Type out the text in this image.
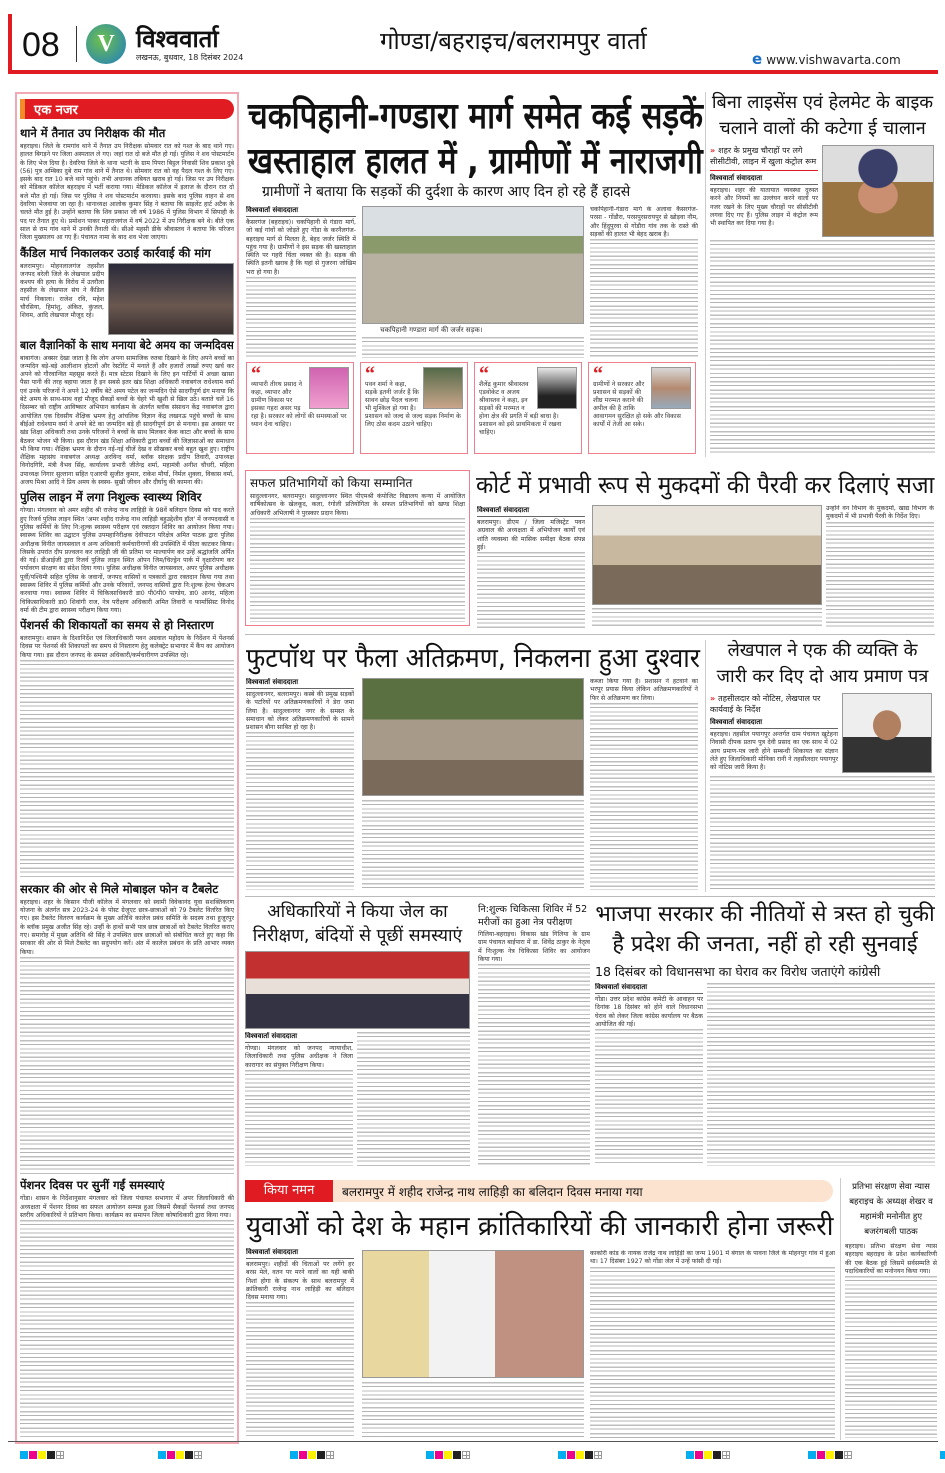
08	V विश्ववार्ता
लखनऊ, बुधवार, 18 दिसंबर 2024
गोण्डा/बहराइच/बलरामपुर वार्ता
e www.vishwavarta.com
एक नजर
थाने में तैनात उप निरीक्षक की मौत
बहराइच। जिले के रामगांव थाने में तैनात उप निरीक्षक सोमवार रात को गश्त के बाद थाने गए। हालत बिगड़ने पर जिला अस्पताल ले गए। जहां रात दो बजे मौत हो गई। पुलिस ने शव पोस्टमार्टम के लिए भेज दिया है। देवरिया जिले के थाना भटनी के ग्राम पिपरा बिट्ठल निवासी शिव प्रकाश दुबे (56) पुत्र अम्बिका दुबे राम गांव थाने में तैनात थे। सोमवार रात को वह पैदल गश्त के लिए गए। इसके बाद रात 10 बजे थाने पहुंचे। तभी अचानक तबियत खराब हो गई। जिस पर उप निरीक्षक को मेडिकल कॉलेज बहराइच में भर्ती कराया गया। मेडिकल कॉलेज में इलाज के दौरान रात दो बजे मौत हो गई। जिस पर पुलिस ने शव पोस्टमार्टम करवाया। इसके बाद पुलिस वाहन से शव देवरिया भेजवाया जा रहा है। थानाध्यक्ष आलोक कुमार सिंह ने बताया कि साइलेंट हार्ट अटैक के चलते मौत हुई है। उन्होंने बताया कि शिव प्रकाश जी वर्ष 1986 में पुलिस विभाग में सिपाही के पद पर तैनात हुए थे। प्रमोशन पाकर महाराजगंज में वर्ष 2022 में उप निरीक्षक बने थे। बीते एक साल से राम गांव थाने में उनकी तैनाती थी। सीओ महसी डीके श्रीवास्तव ने बताया कि परिजन जिला मुख्यालय आ गए हैं। पंचायत नामा के बाद शव भेजा जाएगा।
कैंडिल मार्च निकालकर उठाई कार्रवाई की मांग
बलरामपुर। मोहनलालगंज तहसील जनपद बरेली जिले के लेखपाल प्रदीप कश्यप की हत्या के विरोध में उतरौला तहसील के लेखपाल संघ ने कैंडिल मार्च निकाला। राजेश रवि, महेश चौरसिया, हिमांशु, अंकित, कुंजल, शिवम, आदि लेखपाल मौजूद रहे।
बाल वैज्ञानिकों के साथ मनाया बेटे अमय का जन्मदिवस
बाबागंज। अक्सर देखा जाता है कि लोग अपना सामाजिक रुतबा दिखाने के लिए अपने बच्चों का जन्मदिन बड़े-बड़े आलीशान होटलों और रेस्टोरेंट में मनाते हैं और हजारों लाखों रुपए खर्च कर अपने को गौरवान्वित महसूस करते हैं। मात्र स्टेटस दिखाने के लिए इन पार्टियों में अच्छा खासा पैसा पानी की तरह बहाया जाता है इन सबसे इतर खंड शिक्षा अधिकारी नवाबगंज राधेश्याम वर्मा एवं उनके परिजनों ने अपने 12 वर्षीय बेटे अमय पटेल का जन्मदिन ऐसे सादगीपूर्ण ढंग मनाया कि बेटे अमय के साथ-साथ वहां मौजूद सैकड़ों बच्चों के चेहरे भी खुशी से खिल उठे। बताते चलें 16 दिसम्बर को राष्ट्रीय आविष्कार अभियान कार्यक्रम के अंतर्गत ब्लॉक संसाधन केंद्र नवाबगंज द्वारा आयोजित एक दिवसीय शैक्षिक भ्रमण हेतु आंचलिक विज्ञान केंद्र लखनऊ पहुंचे बच्चों के साथ बीईओ राधेश्याम वर्मा ने अपने बेटे का जन्मदिन बड़े ही सादगीपूर्ण ढंग से मनाया। इस अवसर पर खंड शिक्षा अधिकारी तथा उनके परिजनों ने बच्चों के साथ मिलकर केक काटा और बच्चों के साथ बैठकर भोजन भी किया। इस दौरान खंड शिक्षा अधिकारी द्वारा बच्चों की जिज्ञासाओं का समाधान भी किया गया। शैक्षिक भ्रमण के दौरान नई-नई चीजें देख व सीखकर बच्चे बहुत खुश हुए। राष्ट्रीय शैक्षिक महासंघ नवाबगंज अध्यक्ष अरविन्द वर्मा, ब्लॉक संरक्षक प्रदीप तिवारी, उपाध्यक्ष विनोदगिरि, मंत्री वैभव सिंह, कार्यालय प्रभारी जीतेन्द्र शर्मा, महामंत्री अनीश चौधरी, महिला उपाध्यक्ष निगार सुल्ताना सहित एआरपी सुजीत कुमार, राकेश मौर्या, निर्मल शुक्ला, विकास वर्मा, अजय मिश्रा आदि ने प्रिय अमय के स्वस्थ- सुखी जीवन और दीर्घायु की कामना की।
पुलिस लाइन में लगा निशुल्क स्वास्थ्य शिविर
गोण्डा। मंगलवार को अमर शहीद श्री राजेन्द्र नाथ लाहिड़ी के 98वें बलिदान दिवस को याद करते हुए रिजर्व पुलिस लाइन स्थित 'अमर शहीद राजेन्द्र नाथ लाहिड़ी बहुउद्देशीय हॉल' में जनपदवासी व पुलिस कर्मियों के लिए नि:शुल्क स्वास्थ्य परीक्षण एवं रक्तदान शिविर का आयोजन किया गया। स्वास्थ्य शिविर का उद्घाटन पुलिस उपमहानिरीक्षक देवीपाटन परिक्षेत्र अमित पाठक द्वारा पुलिस अधीक्षक विनीत जायसवाल व अन्य अधिकारी कर्मचारीगणों की उपस्थिति में फीता काटकर किया। जिसके उपरांत दीप प्रज्वलन कर लाहिड़ी जी की प्रतिमा पर माल्यार्पण कर उन्हें श्रद्धांजलि अर्पित की गई। डीआईजी द्वारा रिजर्व पुलिस लाइन स्थित ओपन जिम/चिल्ड्रेन पार्क में वृक्षारोपण कर पर्यावरण संरक्षण का संदेश दिया गया। पुलिस अधीक्षक विनीत जायसवाल, अपर पुलिस अधीक्षक पूर्वी/पश्चिमी सहित पुलिस के जवानों, जनपद वासियों व पत्रकारों द्वारा रक्तदान किया गया तथा स्वास्थ्य शिविर में पुलिस कर्मियों और उनके परिवारों, जनपद वासियों द्वारा नि:शुल्क हेल्थ चेकअप करवाया गया। स्वास्थ्य शिविर में चिकित्साधिकारी डा0 पी0पी0 पाण्डेय, डा0 आनंद, महिला चिकित्साधिकारी डा0 शिवांगी राज, नेत्र परीक्षण अधिकारी अमित तिवारी व फार्मासिस्ट विनोद वर्मा की टीम द्वारा स्वास्थ्य परीक्षण किया गया।
पेंशनर्स की शिकायतों का समय से हो निस्तारण
बलरामपुर। शासन के दिशानिर्देश एवं जिलाधिकारी पवन अग्रवाल महोदय के निर्देशन में पेंशनर्स दिवस पर पेंशनर्स की शिकायतों का समय से निस्तारण हेतु कलेक्ट्रेट सभागार में कैंप का आयोजन किया गया। इस दौरान जनपद के समस्त अधिकारी/कर्मचारीगण उपस्थित रहे।
सरकार की ओर से मिले मोबाइल फोन व टैबलेट
बहराइच। शहर के किसान पीजी कॉलेज में मंगलवार को स्वामी विवेकानंद युवा सशक्तिकरण योजना के अंतर्गत सत्र 2023-24 के पोस्ट ग्रेजुएट छात्र-छात्राओं को 79 टैबलेट वितरित किए गए। इस टैबलेट वितरण कार्यक्रम के मुख्य अतिथि कालेज प्रबंध समिति के सदस्य तथा हुजूरपुर के ब्लॉक प्रमुख अजीत सिंह रहे। उन्हीं के हाथों सभी पात्र छात्र छात्राओं को टैबलेट वितरित कराए गए। समारोह में मुख्य अतिथि श्री सिंह ने उपस्थित छात्र छात्राओं को संबोधित करते हुए कहा कि सरकार की ओर से मिले टैबलेट का सदुपयोग करें। अंत में कालेज प्रबंधन के प्रति आभार व्यक्त किया।
पेंशनर दिवस पर सुनीं गईं समस्याएं
गोंडा। शासन के निर्देशानुसार मंगलवार को जिला पंचायत सभागार में अपर जिलाधिकारी की अध्यक्षता में पेंशनर दिवस का सफल आयोजन सम्पन्न हुआ जिसमें सैकड़ों पेंशनर्स तथा जनपद स्तरीय अधिकारियों ने प्रतिभाग किया। कार्यक्रम का समापन जिला कोषाधिकारी द्वारा किया गया।
चकपिहानी-गण्डारा मार्ग समेत कई सड़कें
खस्ताहाल हालत में , ग्रामीणों में नाराजगी
ग्रामीणों ने बताया कि सड़कों की दुर्दशा के कारण आए दिन हो रहे हैं हादसे
विश्ववार्ता संवाददाता
कैसरगंज (बहराइच)। चकपिहानी से गंडारा मार्ग, जो कई गांवों को जोड़ते हुए गोंडा के करनैलगंज-बहराइच मार्ग से मिलता है, बेहद जर्जर स्थिति में पहुंच गया है। ग्रामीणों ने इस सड़क की खस्ताहाल स्थिति पर गहरी चिंता व्यक्त की है। सड़क की स्थिति इतनी खराब है कि यहां से गुजरना जोखिम भरा हो गया है।
चकपिहानी गण्डारा मार्ग की जर्जर सड़क।
चकपिहानी-गंडारा मार्ग के अलावा कैसरगंज-परसा - गोंडौरा, परसपुरसरायपुर से खोड़वा नौम, और हिंदुपुरवा से गोंडौरा गांव तक के रास्ते की सड़कों की हालत भी बेहद खराब है।
“
व्यापारी तीरथ प्रसाद ने कहा, व्यापार और ग्रामीण विकास पर इसका गहरा असर पड़ रहा है। सरकार को लोगों की समस्याओं पर ध्यान देना चाहिए।
“
पवन शर्मा ने कहा, सड़कें इतनी जर्जर हैं कि सावन छोड़ पैदल चलना भी मुश्किल हो गया है। प्रशासन को जल्द से जल्द सड़क निर्माण के लिए ठोस कदम उठाने चाहिए।
“
शैलेंद्र कुमार श्रीवास्तव एडवोकेट व अजय श्रीवास्तव ने कहा, इन सड़कों की मरम्मत न होना क्षेत्र की प्रगति में बड़ी बाधा है। प्रशासन को इसे प्राथमिकता में रखना चाहिए।
“
ग्रामीणों ने सरकार और प्रशासन से सड़कों की शीघ्र मरम्मत कराने की अपील की है ताकि आवागमन सुरक्षित हो सके और विकास कार्यों में तेजी आ सके।
बिना लाइसेंस एवं हेलमेट के बाइक चलाने वालों की कटेगा ई चालान
» शहर के प्रमुख चौराहों पर लगे सीसीटीवी, लाइन में खुला कंट्रोल रूम
विश्ववार्ता संवाददाता
बहराइच। शहर की यातायात व्यवस्था दुरुस्त करने और नियमों का उल्लंघन करने वालों पर नजर रखने के लिए मुख्य चौराहों पर सीसीटीवी लगवा दिए गए हैं। पुलिस लाइन में कंट्रोल रूम भी स्थापित कर दिया गया है।
सफल प्रतिभागियों को किया सम्मानित
सादुल्लानगर, बलरामपुर। सादुल्लानगर स्थित पीएमश्री कंपोजिट विद्यालय कन्या में आयोजित वार्षिकोत्सव के खेलकूद, कला, रंगोली प्रतियोगिता के सफल प्रतिभागियों को खण्ड शिक्षा अधिकारी अभिलाषी ने पुरस्कार प्रदान किया।
कोर्ट में प्रभावी रूप से मुकदमों की पैरवी कर दिलाएं सजा
विश्ववार्ता संवाददाता
बलरामपुर। डीएम / जिला मजिस्ट्रेट पवन अग्रवाल की अध्यक्षता में अभियोजन कार्यों एवं शांति व्यवस्था की मासिक समीक्षा बैठक संपन्न हुई।
उन्होंने वन विभाग के मुकदमों, खाद्य विभाग के मुकदमों में भी प्रभावी पैरवी के निर्देश दिए।
फुटपॉथ पर फैला अतिक्रमण, निकलना हुआ दुश्वार
विश्ववार्ता संवाददाता
सादुल्लानगर, बलरामपुर। कस्बे की प्रमुख सड़कों के पटरियों पर अतिक्रमणकारियों ने डेरा जमा लिया है। सादुल्लानगर नगर के समस्त के समाधान को लेकर अतिक्रमणकारियों के सामने प्रशासन बौना साबित हो रहा है।
कब्जा किया गया है। प्रशासन ने हटवाने का भरपूर प्रयास किया लेकिन अतिक्रमणकारियों ने फिर से अतिक्रमण कर लिया।
लेखपाल ने एक की व्यक्ति के जारी कर दिए दो आय प्रमाण पत्र
» तहसीलदार को नोटिस, लेखपाल पर कार्यवाई के निर्देश
विश्ववार्ता संवाददाता
बहराइच। तहसील पयागपुर अन्तर्गत ग्राम पंचायत खुटेहना निवासी दीपक प्रताप पुत्र देवी प्रसाद का एक साथ में 02 आय प्रमाण-पत्र जारी होने सम्बन्धी शिकायत का संज्ञान लेते हुए जिलाधिकारी मोनिका रानी ने तहसीलदार पयागपुर को नोटिस जारी किया है।
अधिकारियों ने किया जेल का निरीक्षण, बंदियों से पूछीं समस्याएं
विश्ववार्ता संवाददाता
गोण्डा। मंगलवार को जनपद न्यायाधीश, जिलाधिकारी तथा पुलिस अधीक्षक ने जिला कारागार का संयुक्त निरीक्षण किया।
नि:शुल्क चिकित्सा शिविर में 52 मरीजों का हुआ नेत्र परीक्षण
गिलिया-बहराइच। विकास खंड गिलिया के ग्राम ग्राम पंचायत बाईपारा में डा. शिवेंद्र ठाकुर के नेतृत्व में निःशुल्क नेत्र चिकित्सा शिविर का आयोजन किया गया।
भाजपा सरकार की नीतियों से त्रस्त हो चुकी है प्रदेश की जनता, नहीं हो रही सुनवाई
18 दिसंबर को विधानसभा का घेराव कर विरोध जताएंगे कांग्रेसी
विश्ववार्ता संवाददाता
गोंडा। उत्तर प्रदेश कांग्रेस कमेटी के आवाहन पर दिनांक 18 दिसंबर को होने वाले विधानसभा घेराव को लेकर जिला कांग्रेस कार्यालय पर बैठक आयोजित की गई।
किया नमन	बलरामपुर में शहीद राजेन्द्र नाथ लाहिड़ी का बलिदान दिवस मनाया गया
युवाओं को देश के महान क्रांतिकारियों की जानकारी होना जरूरी
विश्ववार्ता संवाददाता
बलरामपुर। शहीदों की चिताओं पर लगेंगे हर बरस मेले, वतन पर मरने वालों का यही बाकी निशां होगा के संकल्प के साथ बलरामपुर में क्रांतिकारी राजेन्द्र नाथ लाहिड़ी का बलिदान दिवस मनाया गया।
काकोरी कांड के नायक राजेंद्र नाथ लाहिड़ी का जन्म 1901 में बंगाल के पावना जिले के मोहनपुर गांव में हुआ था। 17 दिसंबर 1927 को गोंडा जेल में उन्हें फांसी दी गई।
प्रतिभा संरक्षण सेवा न्यास बहराइच के अध्यक्ष शेखर व महामंत्री मनोनीत हुए बजरंगबली पाठक
बहराइच। प्रतिभा संरक्षण सेवा न्यास बहराइच बहराइच के प्रदेश कार्यकारिणी की एक बैठक हुई जिसमें सर्वसम्मति से पदाधिकारियों का मनोनयन किया गया।
